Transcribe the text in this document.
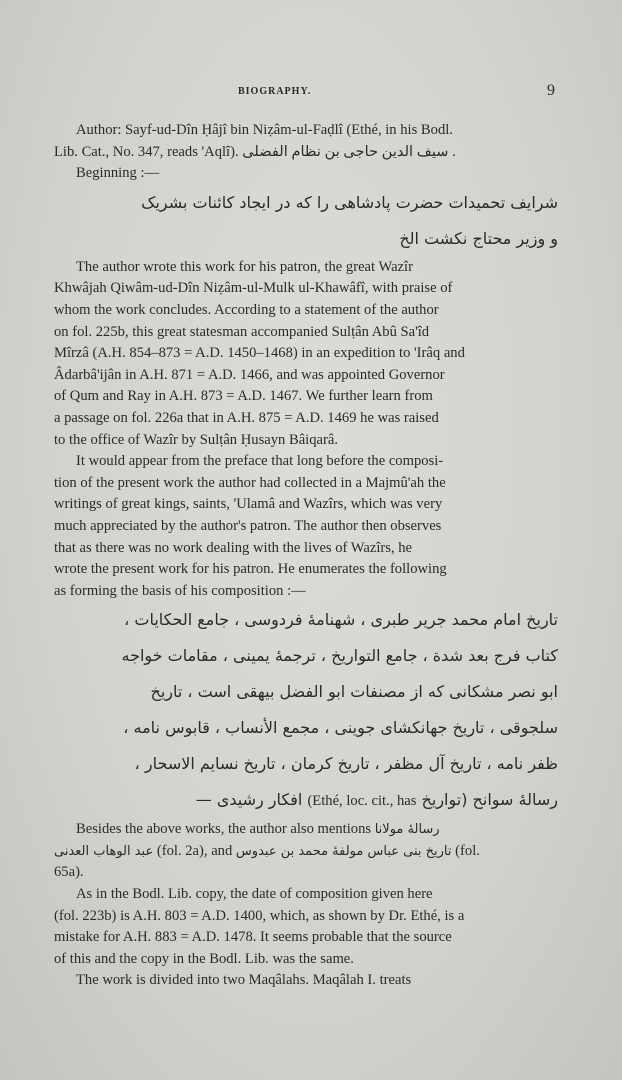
BIOGRAPHY.	9
Author: Sayf-ud-Dîn Ḥâjî bin Niẓâm-ul-Faḍlî (Ethé, in his Bodl.
Lib. Cat., No. 347, reads 'Aqlî). سیف الدین حاجی بن نظام الفضلی .
Beginning :—
شرایف تحمیدات حضرت پادشاهی را که در ایجاد کائنات بشریک
و وزیر محتاج نکشت الخ
The author wrote this work for his patron, the great Wazîr
Khwâjah Qiwâm-ud-Dîn Niẓâm-ul-Mulk ul-Khawâfî, with praise of
whom the work concludes. According to a statement of the author
on fol. 225b, this great statesman accompanied Sulṭân Abû Sa'îd
Mîrzâ (A.H. 854–873 = A.D. 1450–1468) in an expedition to 'Irâq and
Âdarbâ'ijân in A.H. 871 = A.D. 1466, and was appointed Governor
of Qum and Ray in A.H. 873 = A.D. 1467. We further learn from
a passage on fol. 226a that in A.H. 875 = A.D. 1469 he was raised
to the office of Wazîr by Sulṭân Ḥusayn Bâiqarâ.
It would appear from the preface that long before the composi-
tion of the present work the author had collected in a Majmû'ah the
writings of great kings, saints, 'Ulamâ and Wazîrs, which was very
much appreciated by the author's patron. The author then observes
that as there was no work dealing with the lives of Wazîrs, he
wrote the present work for his patron. He enumerates the following
as forming the basis of his composition :—
تاریخ امام محمد جریر طبری ، شهنامهٔ فردوسی ، جامع الحکایات ،
کتاب فرج بعد شدة ، جامع التواریخ ، ترجمهٔ یمینی ، مقامات خواجه
ابو نصر مشکانی که از مصنفات ابو الفضل بیهقی است ، تاریخ
سلجوقی ، تاریخ جهانکشای جوینی ، مجمع الأنساب ، قابوس نامه ،
ظفر نامه ، تاریخ آل مظفر ، تاریخ کرمان ، تاریخ نسایم الاسحار ،
رسالهٔ سوانح (تواریخ (Ethé, loc. cit., has افکار رشیدی —
Besides the above works, the author also mentions رسالهٔ مولانا
عبد الوهاب العدنی (fol. 2a), and تاریخ بنی عباس مولفهٔ محمد بن عبدوس (fol.
65a).
As in the Bodl. Lib. copy, the date of composition given here
(fol. 223b) is A.H. 803 = A.D. 1400, which, as shown by Dr. Ethé, is a
mistake for A.H. 883 = A.D. 1478. It seems probable that the source
of this and the copy in the Bodl. Lib. was the same.
The work is divided into two Maqâlahs. Maqâlah I. treats
